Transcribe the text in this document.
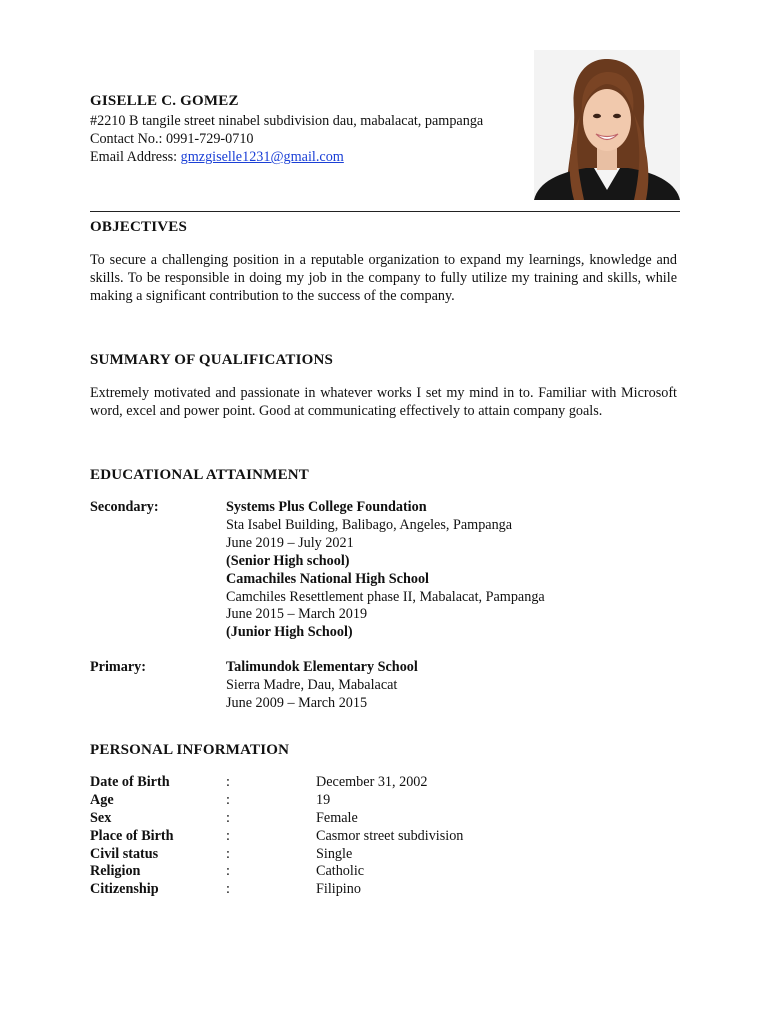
GISELLE C. GOMEZ
#2210 B tangile street ninabel subdivision dau, mabalacat, pampanga
Contact No.: 0991-729-0710
Email Address: gmzgiselle1231@gmail.com
OBJECTIVES
To secure a challenging position in a reputable organization to expand my learnings, knowledge and skills. To be responsible in doing my job in the company to fully utilize my training and skills, while making a significant contribution to the success of the company.
SUMMARY OF QUALIFICATIONS
Extremely motivated and passionate in whatever works I set my mind in to. Familiar with Microsoft word, excel and power point. Good at communicating effectively to attain company goals.
EDUCATIONAL ATTAINMENT
Secondary:	Systems Plus College Foundation
Sta Isabel Building, Balibago, Angeles, Pampanga
June 2019 – July 2021
(Senior High school)
Camachiles National High School
Camchiles Resettlement phase II, Mabalacat, Pampanga
June 2015 – March 2019
(Junior High School)
Primary:	Talimundok Elementary School
Sierra Madre, Dau, Mabalacat
June 2009 – March 2015
PERSONAL INFORMATION
Date of Birth	:	December 31, 2002
Age	:	19
Sex	:	Female
Place of Birth	:	Casmor street subdivision
Civil status	:	Single
Religion	:	Catholic
Citizenship	:	Filipino
